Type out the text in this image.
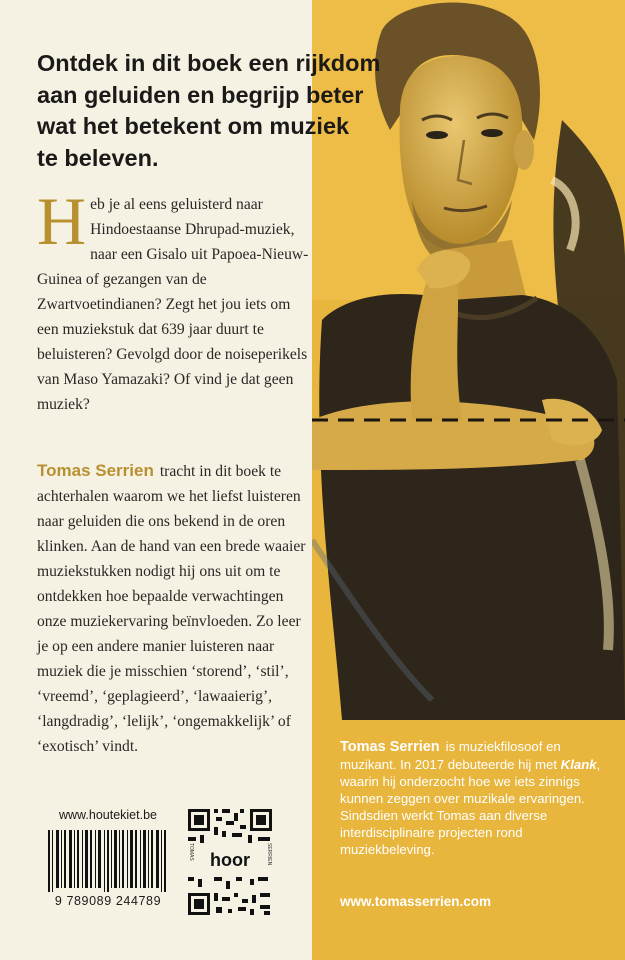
Ontdek in dit boek een rijkdom
aan geluiden en begrijp beter
wat het betekent om muziek
te beleven.

Heb je al eens geluisterd naar Hindoestaanse Dhrupad-muziek, naar een Gisalo uit Papoea-Nieuw-Guinea of gezangen van de Zwartvoetindianen? Zegt het jou iets om een muziekstuk dat 639 jaar duurt te beluisteren? Gevolgd door de noiseperikels van Maso Yamazaki? Of vind je dat geen muziek?

Tomas Serrien tracht in dit boek te achterhalen waarom we het liefst luisteren naar geluiden die ons bekend in de oren klinken. Aan de hand van een brede waaier muziekstukken nodigt hij ons uit om te ontdekken hoe bepaalde verwachtingen onze muziekervaring beïnvloeden. Zo leer je op een andere manier luisteren naar muziek die je misschien ‘storend’, ‘stil’, ‘vreemd’, ‘geplagieerd’, ‘lawaaierig’, ‘langdradig’, ‘lelijk’, ‘ongemakkelijk’ of ‘exotisch’ vindt.	Tomas Serrien is muziekfilosoof en muzikant. In 2017 debuteerde hij met Klank, waarin hij onderzocht hoe we iets zinnigs kunnen zeggen over muzikale ervaringen. Sindsdien werkt Tomas aan diverse interdisciplinaire projecten rond muziekbeleving.

www.tomasserrien.com
www.houtekiet.be
9 789089 244789
hoor
TOMAS	SERRIEN
